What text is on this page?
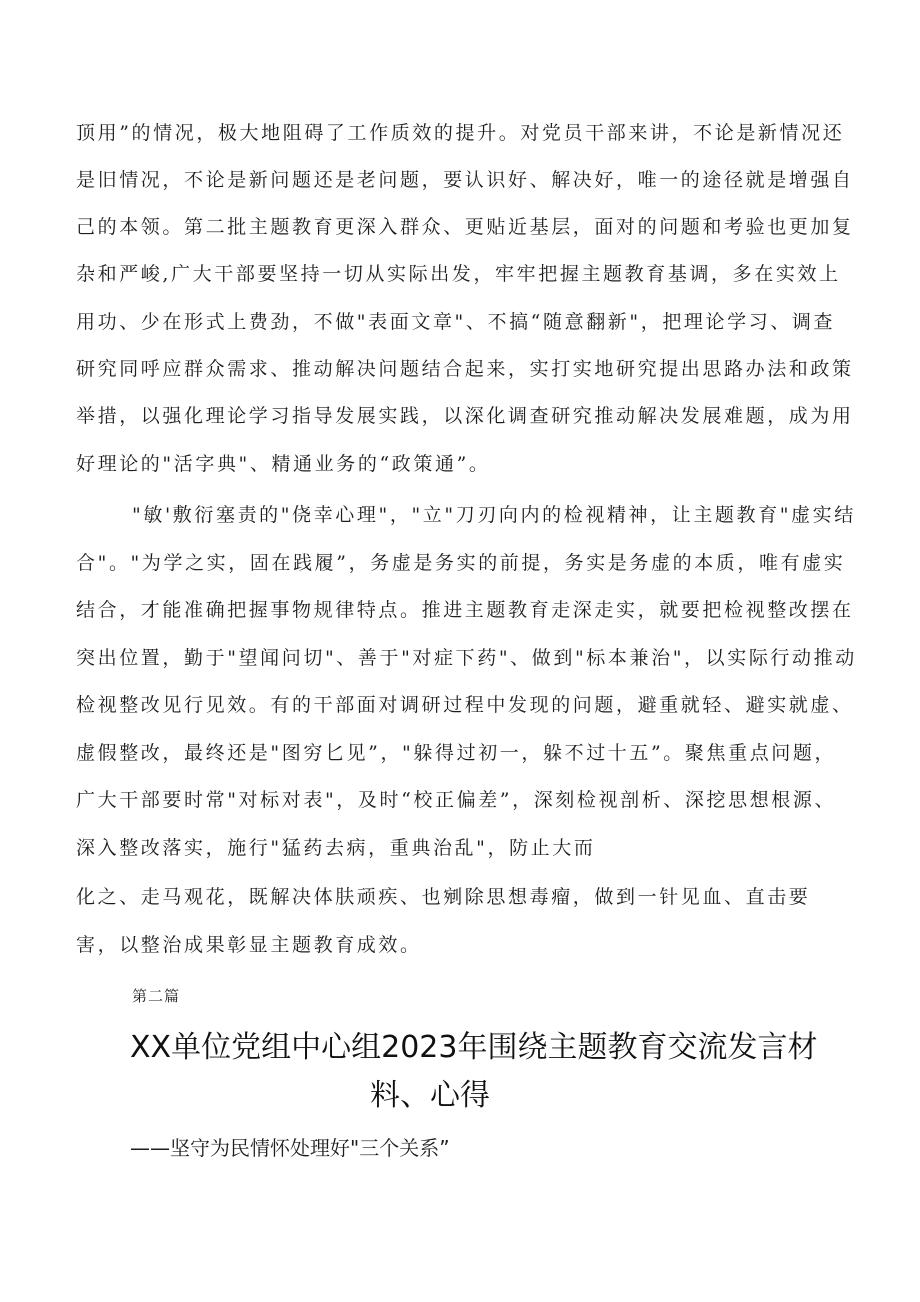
顶用”的情况，极大地阻碍了工作质效的提升。对党员干部来讲，不论是新情况还
是旧情况，不论是新问题还是老问题，要认识好、解决好，唯一的途径就是增强自
己的本领。第二批主题教育更深入群众、更贴近基层，面对的问题和考验也更加复
杂和严峻,广大干部要坚持一切从实际出发，牢牢把握主题教育基调，多在实效上
用功、少在形式上费劲，不做"表面文章"、不搞“随意翻新"，把理论学习、调查
研究同呼应群众需求、推动解决问题结合起来，实打实地研究提出思路办法和政策
举措，以强化理论学习指导发展实践，以深化调查研究推动解决发展难题，成为用
好理论的"活字典"、精通业务的“政策通”。
"敏'敷衍塞责的"侥幸心理"，"立"刀刃向内的检视精神，让主题教育"虚实结
合"。"为学之实，固在践履”，务虚是务实的前提，务实是务虚的本质，唯有虚实
结合，才能准确把握事物规律特点。推进主题教育走深走实，就要把检视整改摆在
突出位置，勤于"望闻问切"、善于"对症下药"、做到"标本兼治"，以实际行动推动
检视整改见行见效。有的干部面对调研过程中发现的问题，避重就轻、避实就虚、
虚假整改，最终还是"图穷匕见”，"躲得过初一，躲不过十五”。聚焦重点问题，
广大干部要时常"对标对表"，及时“校正偏差”，深刻检视剖析、深挖思想根源、
深入整改落实，施行"猛药去病，重典治乱"，防止大而
化之、走马观花，既解决体肤顽疾、也剜除思想毒瘤，做到一针见血、直击要
害，以整治成果彰显主题教育成效。
第二篇
XX单位党组中心组2023年围绕主题教育交流发言材
料、心得
——坚守为民情怀处理好"三个关系”
